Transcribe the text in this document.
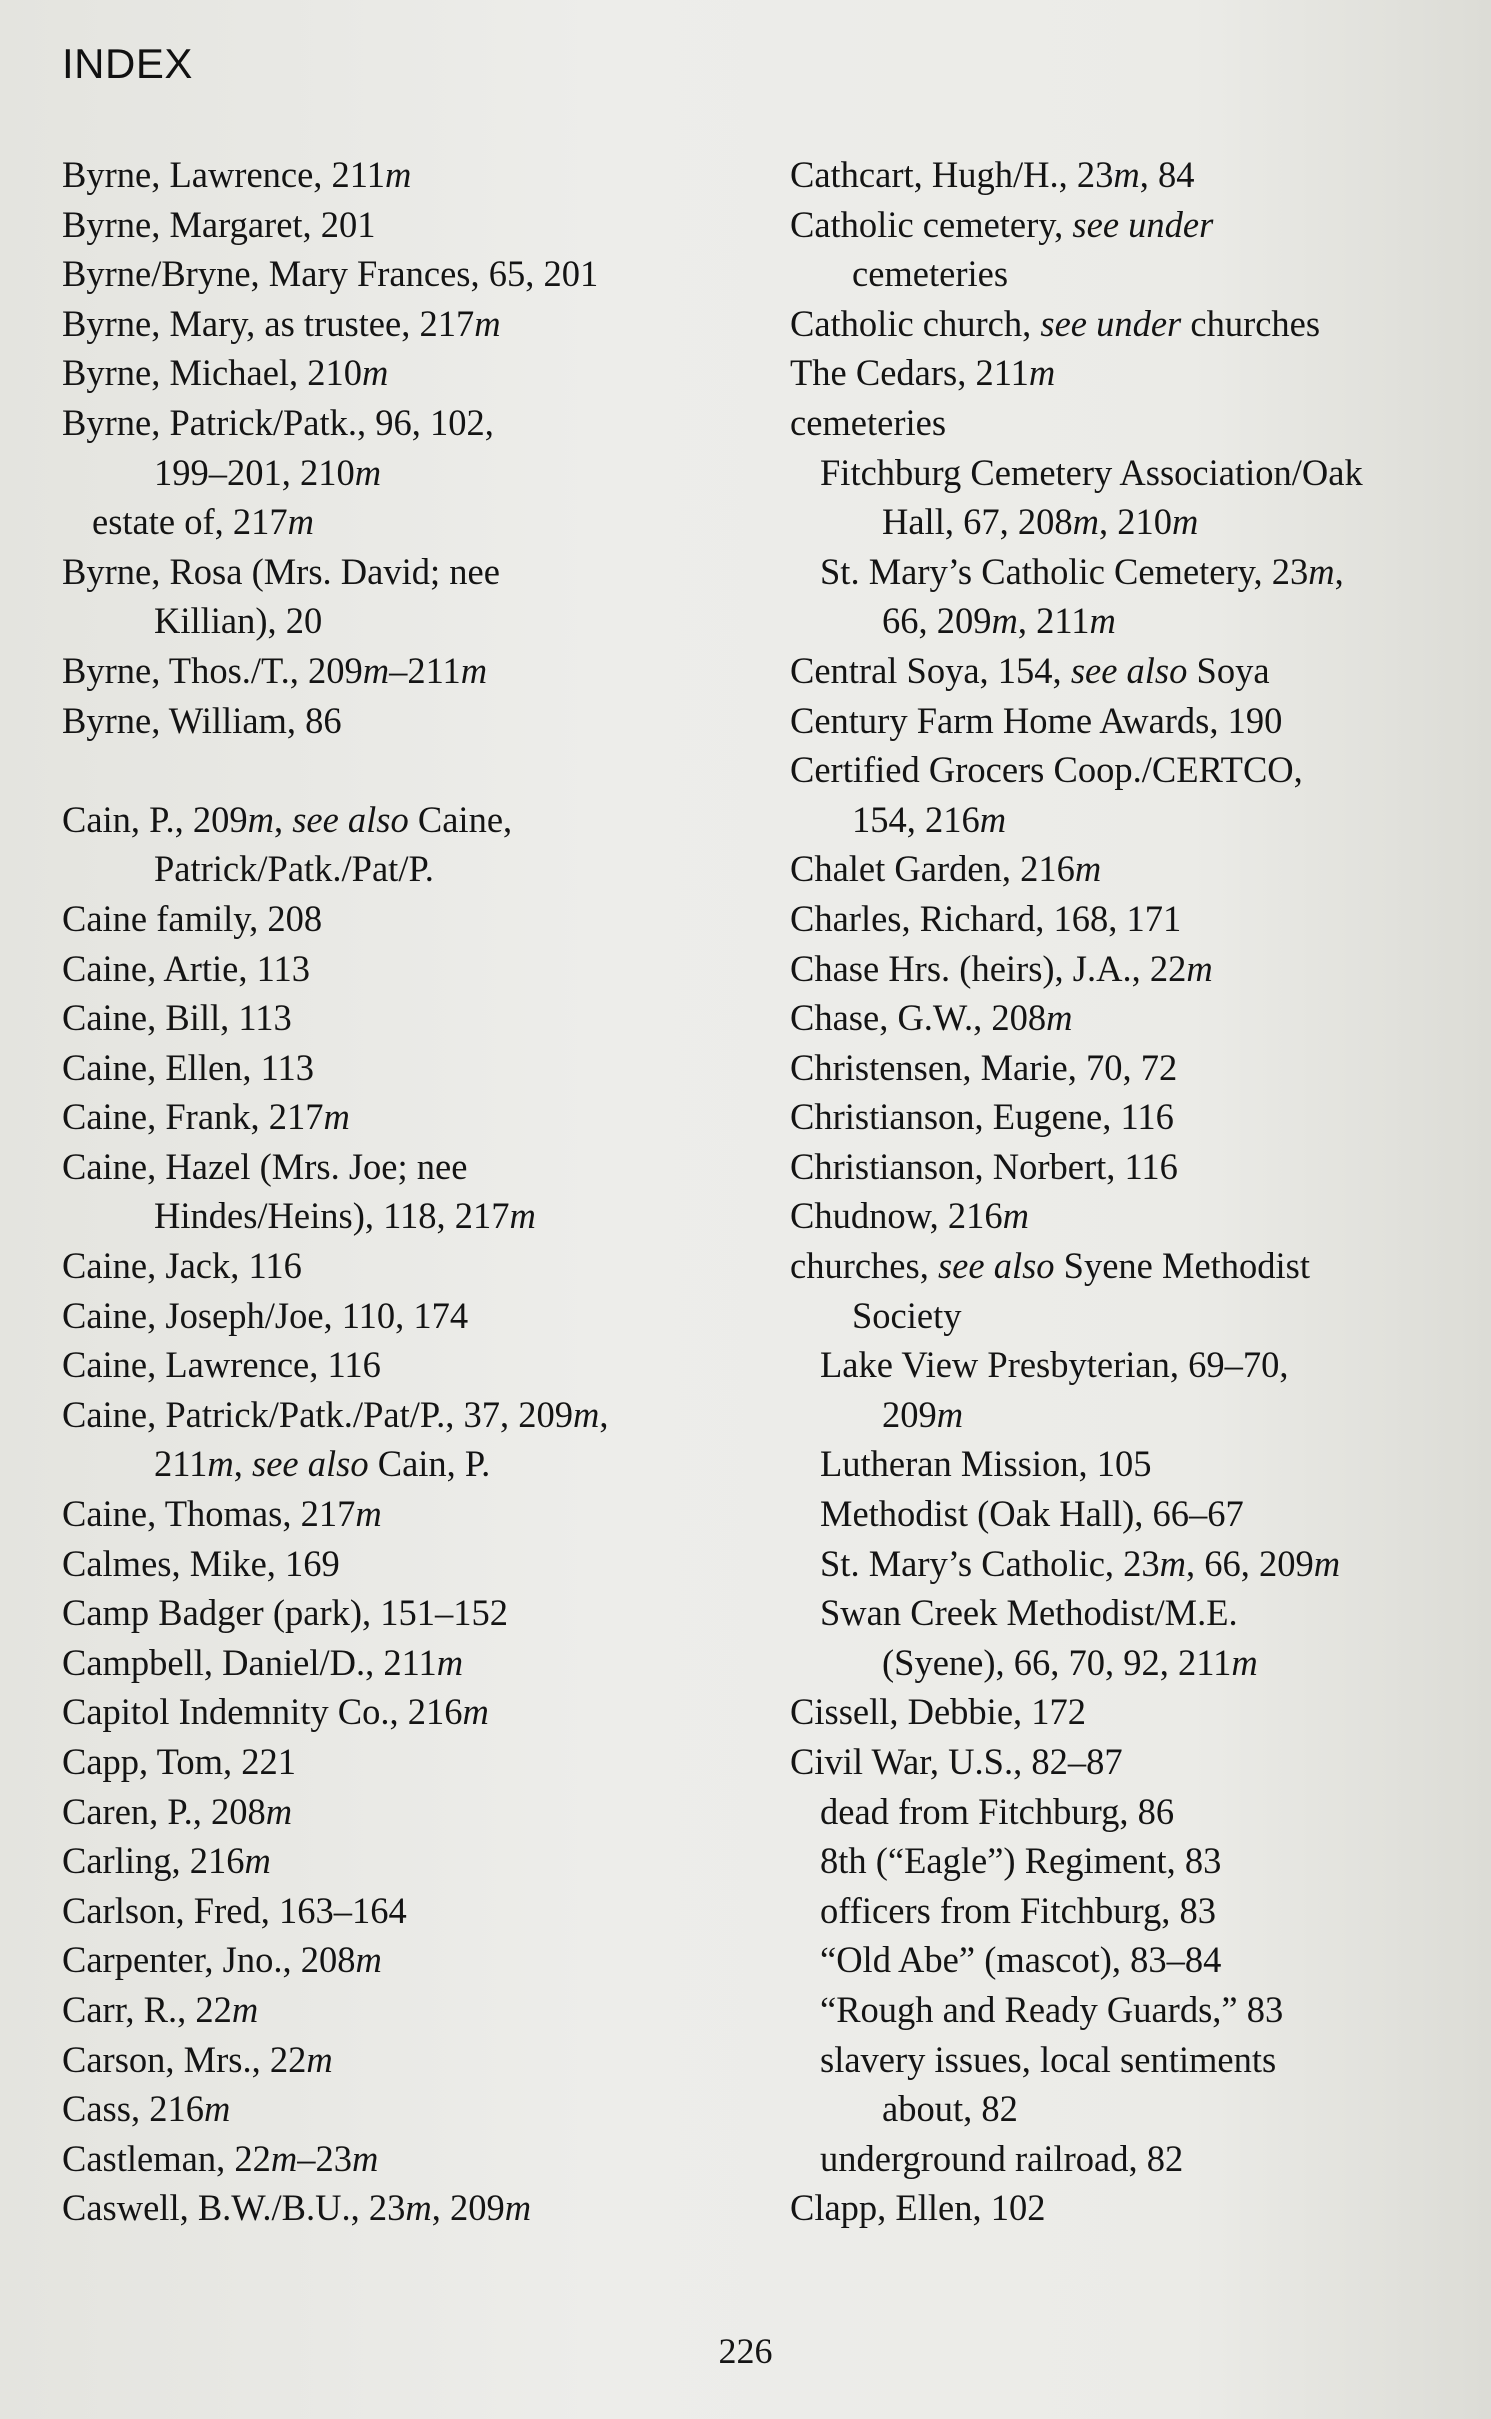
INDEX
Byrne, Lawrence, 211m
Byrne, Margaret, 201
Byrne/Bryne, Mary Frances, 65, 201
Byrne, Mary, as trustee, 217m
Byrne, Michael, 210m
Byrne, Patrick/Patk., 96, 102,
199–201, 210m
estate of, 217m
Byrne, Rosa (Mrs. David; nee
Killian), 20
Byrne, Thos./T., 209m–211m
Byrne, William, 86
Cain, P., 209m, see also Caine,
Patrick/Patk./Pat/P.
Caine family, 208
Caine, Artie, 113
Caine, Bill, 113
Caine, Ellen, 113
Caine, Frank, 217m
Caine, Hazel (Mrs. Joe; nee
Hindes/Heins), 118, 217m
Caine, Jack, 116
Caine, Joseph/Joe, 110, 174
Caine, Lawrence, 116
Caine, Patrick/Patk./Pat/P., 37, 209m,
211m, see also Cain, P.
Caine, Thomas, 217m
Calmes, Mike, 169
Camp Badger (park), 151–152
Campbell, Daniel/D., 211m
Capitol Indemnity Co., 216m
Capp, Tom, 221
Caren, P., 208m
Carling, 216m
Carlson, Fred, 163–164
Carpenter, Jno., 208m
Carr, R., 22m
Carson, Mrs., 22m
Cass, 216m
Castleman, 22m–23m
Caswell, B.W./B.U., 23m, 209m
Cathcart, Hugh/H., 23m, 84
Catholic cemetery, see under
cemeteries
Catholic church, see under churches
The Cedars, 211m
cemeteries
Fitchburg Cemetery Association/Oak
Hall, 67, 208m, 210m
St. Mary’s Catholic Cemetery, 23m,
66, 209m, 211m
Central Soya, 154, see also Soya
Century Farm Home Awards, 190
Certified Grocers Coop./CERTCO,
154, 216m
Chalet Garden, 216m
Charles, Richard, 168, 171
Chase Hrs. (heirs), J.A., 22m
Chase, G.W., 208m
Christensen, Marie, 70, 72
Christianson, Eugene, 116
Christianson, Norbert, 116
Chudnow, 216m
churches, see also Syene Methodist
Society
Lake View Presbyterian, 69–70,
209m
Lutheran Mission, 105
Methodist (Oak Hall), 66–67
St. Mary’s Catholic, 23m, 66, 209m
Swan Creek Methodist/M.E.
(Syene), 66, 70, 92, 211m
Cissell, Debbie, 172
Civil War, U.S., 82–87
dead from Fitchburg, 86
8th (“Eagle”) Regiment, 83
officers from Fitchburg, 83
“Old Abe” (mascot), 83–84
“Rough and Ready Guards,” 83
slavery issues, local sentiments
about, 82
underground railroad, 82
Clapp, Ellen, 102
226
